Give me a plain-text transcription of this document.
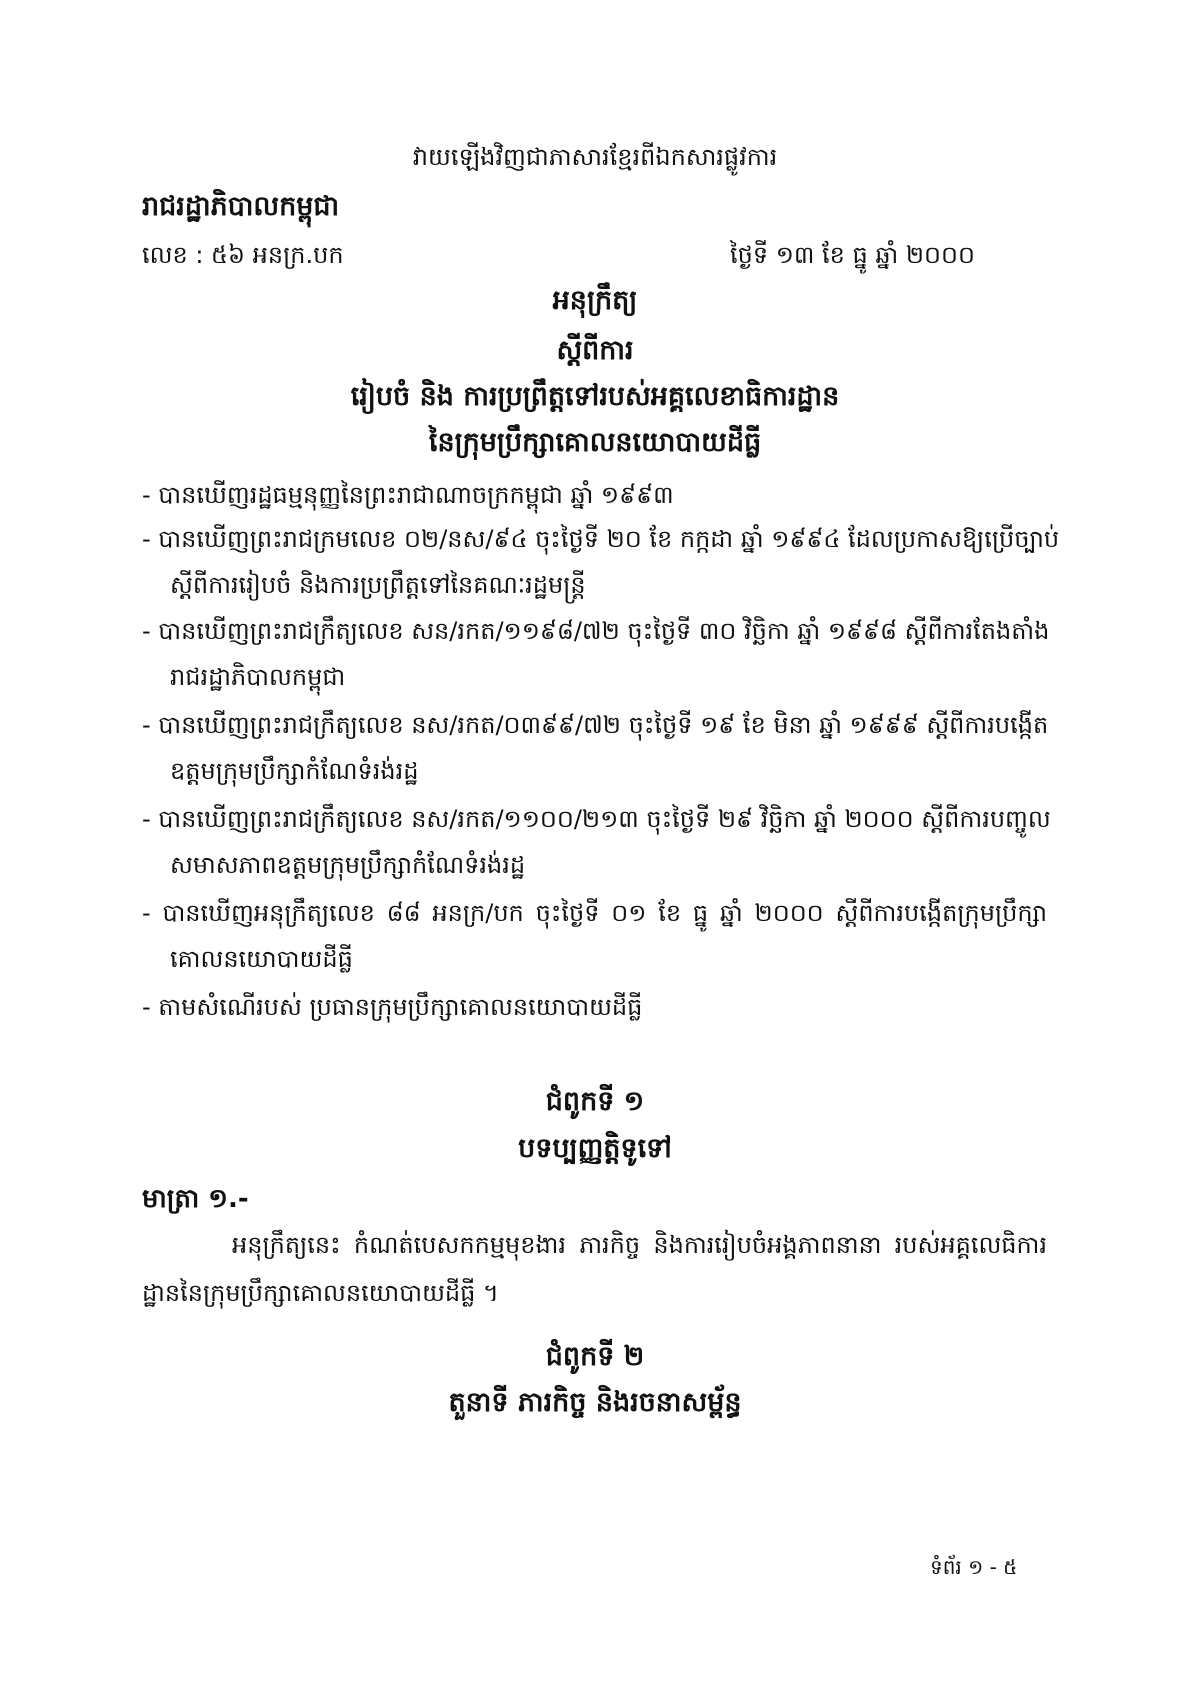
វាយឡើងវិញជាភាសារខ្មែរពីឯកសារផ្លូវការ
រាជរដ្ឋាភិបាលកម្ពុជា
លេខ : ៥៦ អនក្រ.បក	ថ្ងៃទី ១៣ ខែ ធ្នូ ឆ្នាំ ២០០០
អនុក្រឹត្យ
ស្តីពីការ
រៀបចំ និង ការប្រព្រឹត្តទៅរបស់អគ្គលេខាធិការដ្ឋាន
នៃក្រុមប្រឹក្សាគោលនយោបាយដីធ្លី
- បានឃើញរដ្ឋធម្មនុញ្ញនៃព្រះរាជាណាចក្រកម្ពុជា ឆ្នាំ ១៩៩៣
- បានឃើញព្រះរាជក្រមលេខ ០២/នស/៩៤ ចុះថ្ងៃទី ២០ ខែ កក្កដា ឆ្នាំ ១៩៩៤ ដែលប្រកាសឱ្យប្រើច្បាប់
ស្តីពីការរៀបចំ និងការប្រព្រឹត្តទៅនៃគណៈរដ្ឋមន្ត្រី
- បានឃើញព្រះរាជក្រឹត្យលេខ សន/រកត/១១៩៨/៧២ ចុះថ្ងៃទី ៣០ វិច្ឆិកា ឆ្នាំ ១៩៩៨ ស្តីពីការតែងតាំង
រាជរដ្ឋាភិបាលកម្ពុជា
- បានឃើញព្រះរាជក្រឹត្យលេខ នស/រកត/០៣៩៩/៧២ ចុះថ្ងៃទី ១៩ ខែ មិនា ឆ្នាំ ១៩៩៩ ស្តីពីការបង្កើត
ឧត្តមក្រុមប្រឹក្សាកំណែទំរង់រដ្ឋ
- បានឃើញព្រះរាជក្រឹត្យលេខ នស/រកត/១១០០/២១៣ ចុះថ្ងៃទី ២៩ វិច្ឆិកា ឆ្នាំ ២០០០ ស្តីពីការបញ្ចូល
សមាសភាពឧត្តមក្រុមប្រឹក្សាកំណែទំរង់រដ្ឋ
- បានឃើញអនុក្រឹត្យលេខ ៨៨ អនក្រ/បក ចុះថ្ងៃទី ០១ ខែ ធ្នូ ឆ្នាំ ២០០០ ស្តីពីការបង្កើតក្រុមប្រឹក្សា
គោលនយោបាយដីធ្លី
- តាមសំណើរបស់ ប្រធានក្រុមប្រឹក្សាគោលនយោបាយដីធ្លី
ជំពូកទី ១
បទប្បញ្ញត្តិទូទៅ
មាត្រា ១.-
អនុក្រឹត្យនេះ កំណត់បេសកកម្មមុខងារ ភារកិច្ច និងការរៀបចំអង្គភាពនានា របស់អគ្គលេធិការ
ដ្ឋាននៃក្រុមប្រឹក្សាគោលនយោបាយដីធ្លី ។
ជំពូកទី ២
តួនាទី ភារកិច្ច និងរចនាសម្ព័ន្ធ
ទំព័រ ១ - ៥
